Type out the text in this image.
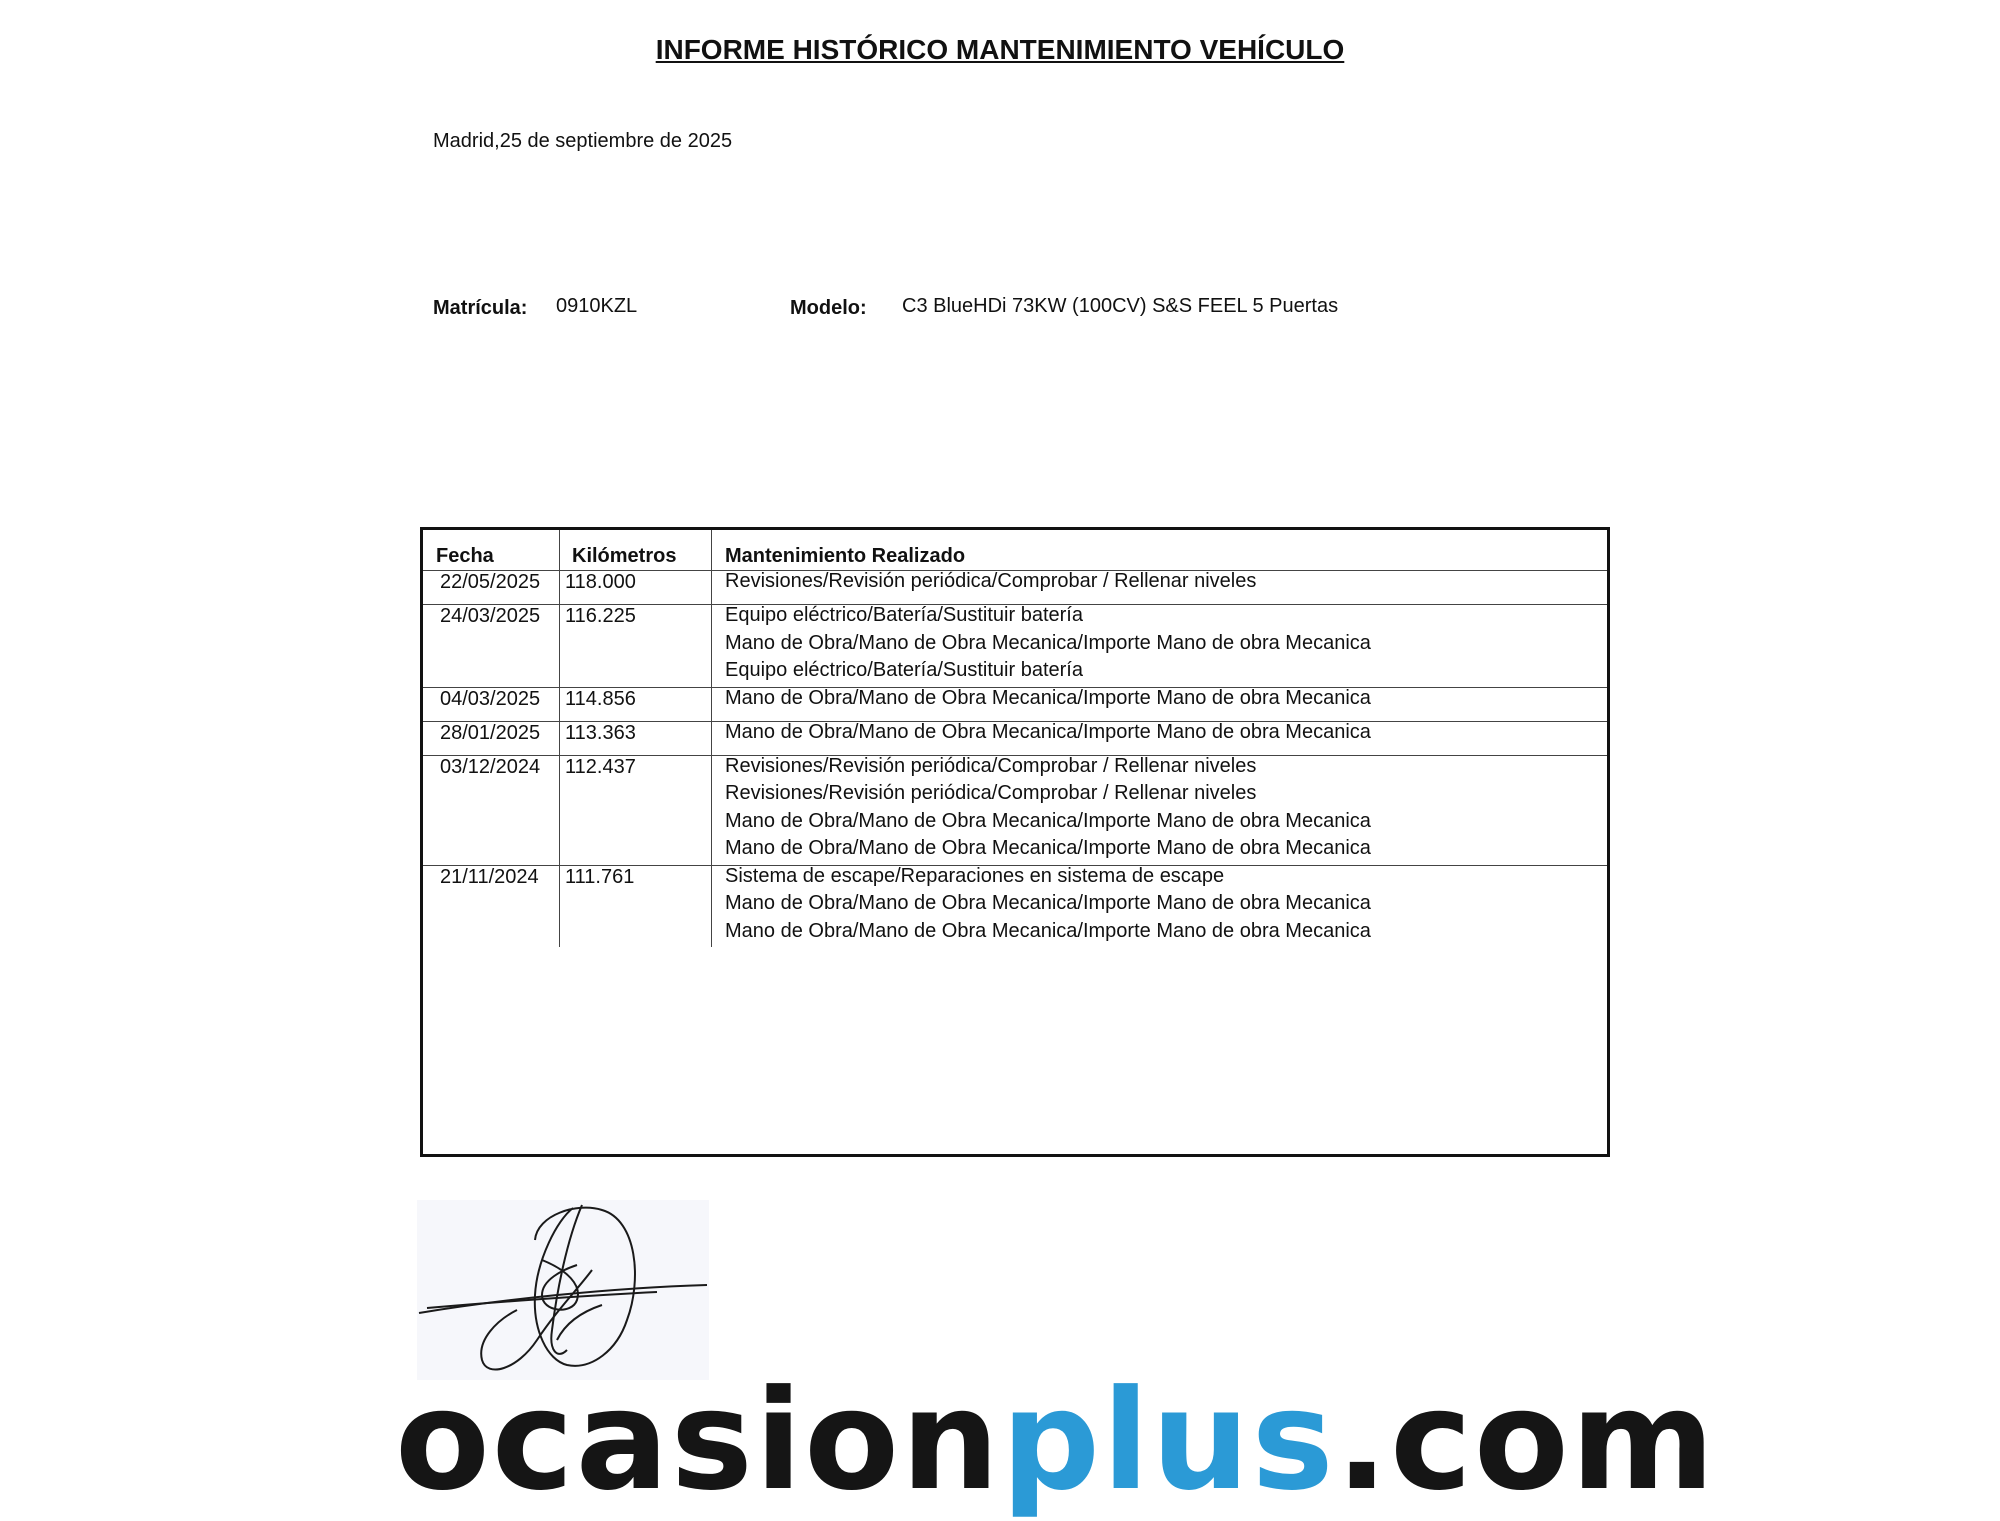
INFORME HISTÓRICO MANTENIMIENTO VEHÍCULO
Madrid,25 de septiembre de 2025
Matrícula: 0910KZL	Modelo: C3 BlueHDi 73KW (100CV) S&S FEEL 5 Puertas
Fecha	Kilómetros Mantenimiento Realizado
22/05/2025 118.000	Revisiones/Revisión periódica/Comprobar / Rellenar niveles
24/03/2025 116.225	Equipo eléctrico/Batería/Sustituir batería
Mano de Obra/Mano de Obra Mecanica/Importe Mano de obra Mecanica
Equipo eléctrico/Batería/Sustituir batería
04/03/2025 114.856	Mano de Obra/Mano de Obra Mecanica/Importe Mano de obra Mecanica
28/01/2025 113.363	Mano de Obra/Mano de Obra Mecanica/Importe Mano de obra Mecanica
03/12/2024 112.437	Revisiones/Revisión periódica/Comprobar / Rellenar niveles
Revisiones/Revisión periódica/Comprobar / Rellenar niveles
Mano de Obra/Mano de Obra Mecanica/Importe Mano de obra Mecanica
Mano de Obra/Mano de Obra Mecanica/Importe Mano de obra Mecanica
21/11/2024 111.761	Sistema de escape/Reparaciones en sistema de escape
Mano de Obra/Mano de Obra Mecanica/Importe Mano de obra Mecanica
Mano de Obra/Mano de Obra Mecanica/Importe Mano de obra Mecanica
ocasionplus.com
